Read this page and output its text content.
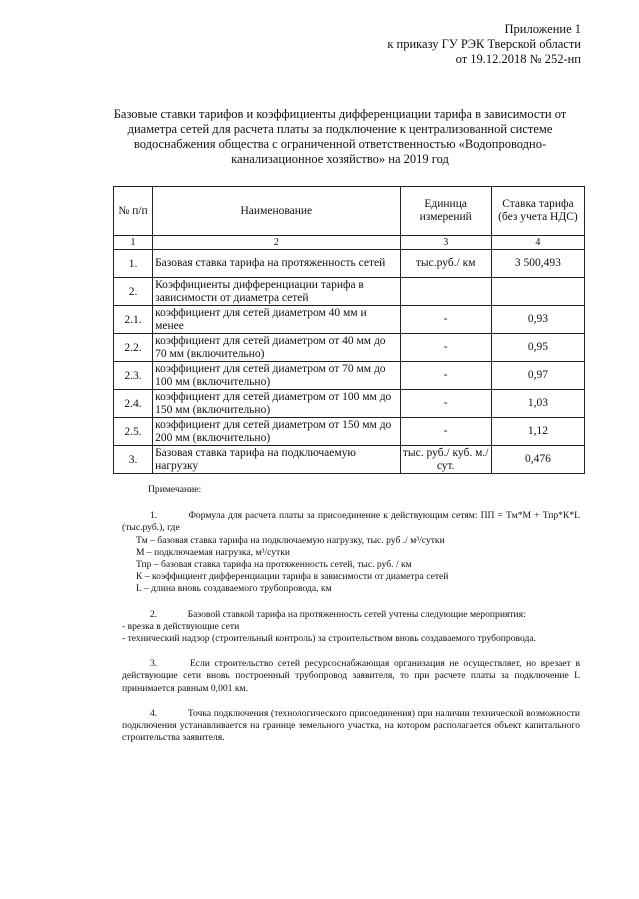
Приложение 1
к приказу ГУ РЭК Тверской области
от 19.12.2018 № 252-нп
Базовые ставки тарифов и коэффициенты дифференциации тарифа в зависимости от
диаметра сетей для расчета платы за подключение к централизованной системе
водоснабжения общества с ограниченной ответственностью «Водопроводно-
канализационное хозяйство» на 2019 год
№ п/п	Наименование	Единица измерений	Ставка тарифа (без учета НДС)
1	2	3	4
1.	Базовая ставка тарифа на протяженность сетей	тыс.руб./ км	3 500,493
2.	Коэффициенты дифференциации тарифа в зависимости от диаметра сетей		
2.1.	коэффициент для сетей диаметром 40 мм и менее	-	0,93
2.2.	коэффициент для сетей диаметром от 40 мм до 70 мм (включительно)	-	0,95
2.3.	коэффициент для сетей диаметром от 70 мм до 100 мм (включительно)	-	0,97
2.4.	коэффициент для сетей диаметром от 100 мм до 150 мм (включительно)	-	1,03
2.5.	коэффициент для сетей диаметром от 150 мм до 200 мм (включительно)	-	1,12
3.	Базовая ставка тарифа на подключаемую нагрузку	тыс. руб./ куб. м./сут.	0,476
Примечание:
1.	Формула для расчета платы за присоединение к действующим сетям: ПП = Тм*М + Тпр*К*L (тыс.руб.), где
Тм – базовая ставка тарифа на подключаемую нагрузку, тыс. руб ./ м³/сутки
М – подключаемая нагрузка, м³/сутки
Тпр – базовая ставка тарифа на протяженность сетей, тыс. руб. / км
К – коэффициент дифференциации тарифа в зависимости от диаметра сетей
L – длина вновь создаваемого трубопровода, км
2.	Базовой ставкой тарифа на протяженность сетей учтены следующие мероприятия:
- врезка в действующие сети
- технический надзор (строительный контроль) за строительством вновь создаваемого трубопровода.
3.	Если строительство сетей ресурсоснабжающая организация не осуществляет, но врезает в действующие сети вновь построенный трубопровод заявителя, то при расчете платы за подключение L принимается равным 0,001 км.
4.	Точка подключения (технологического присоединения) при наличии технической возможности подключения устанавливается на границе земельного участка, на котором располагается объект капитального строительства заявителя.
